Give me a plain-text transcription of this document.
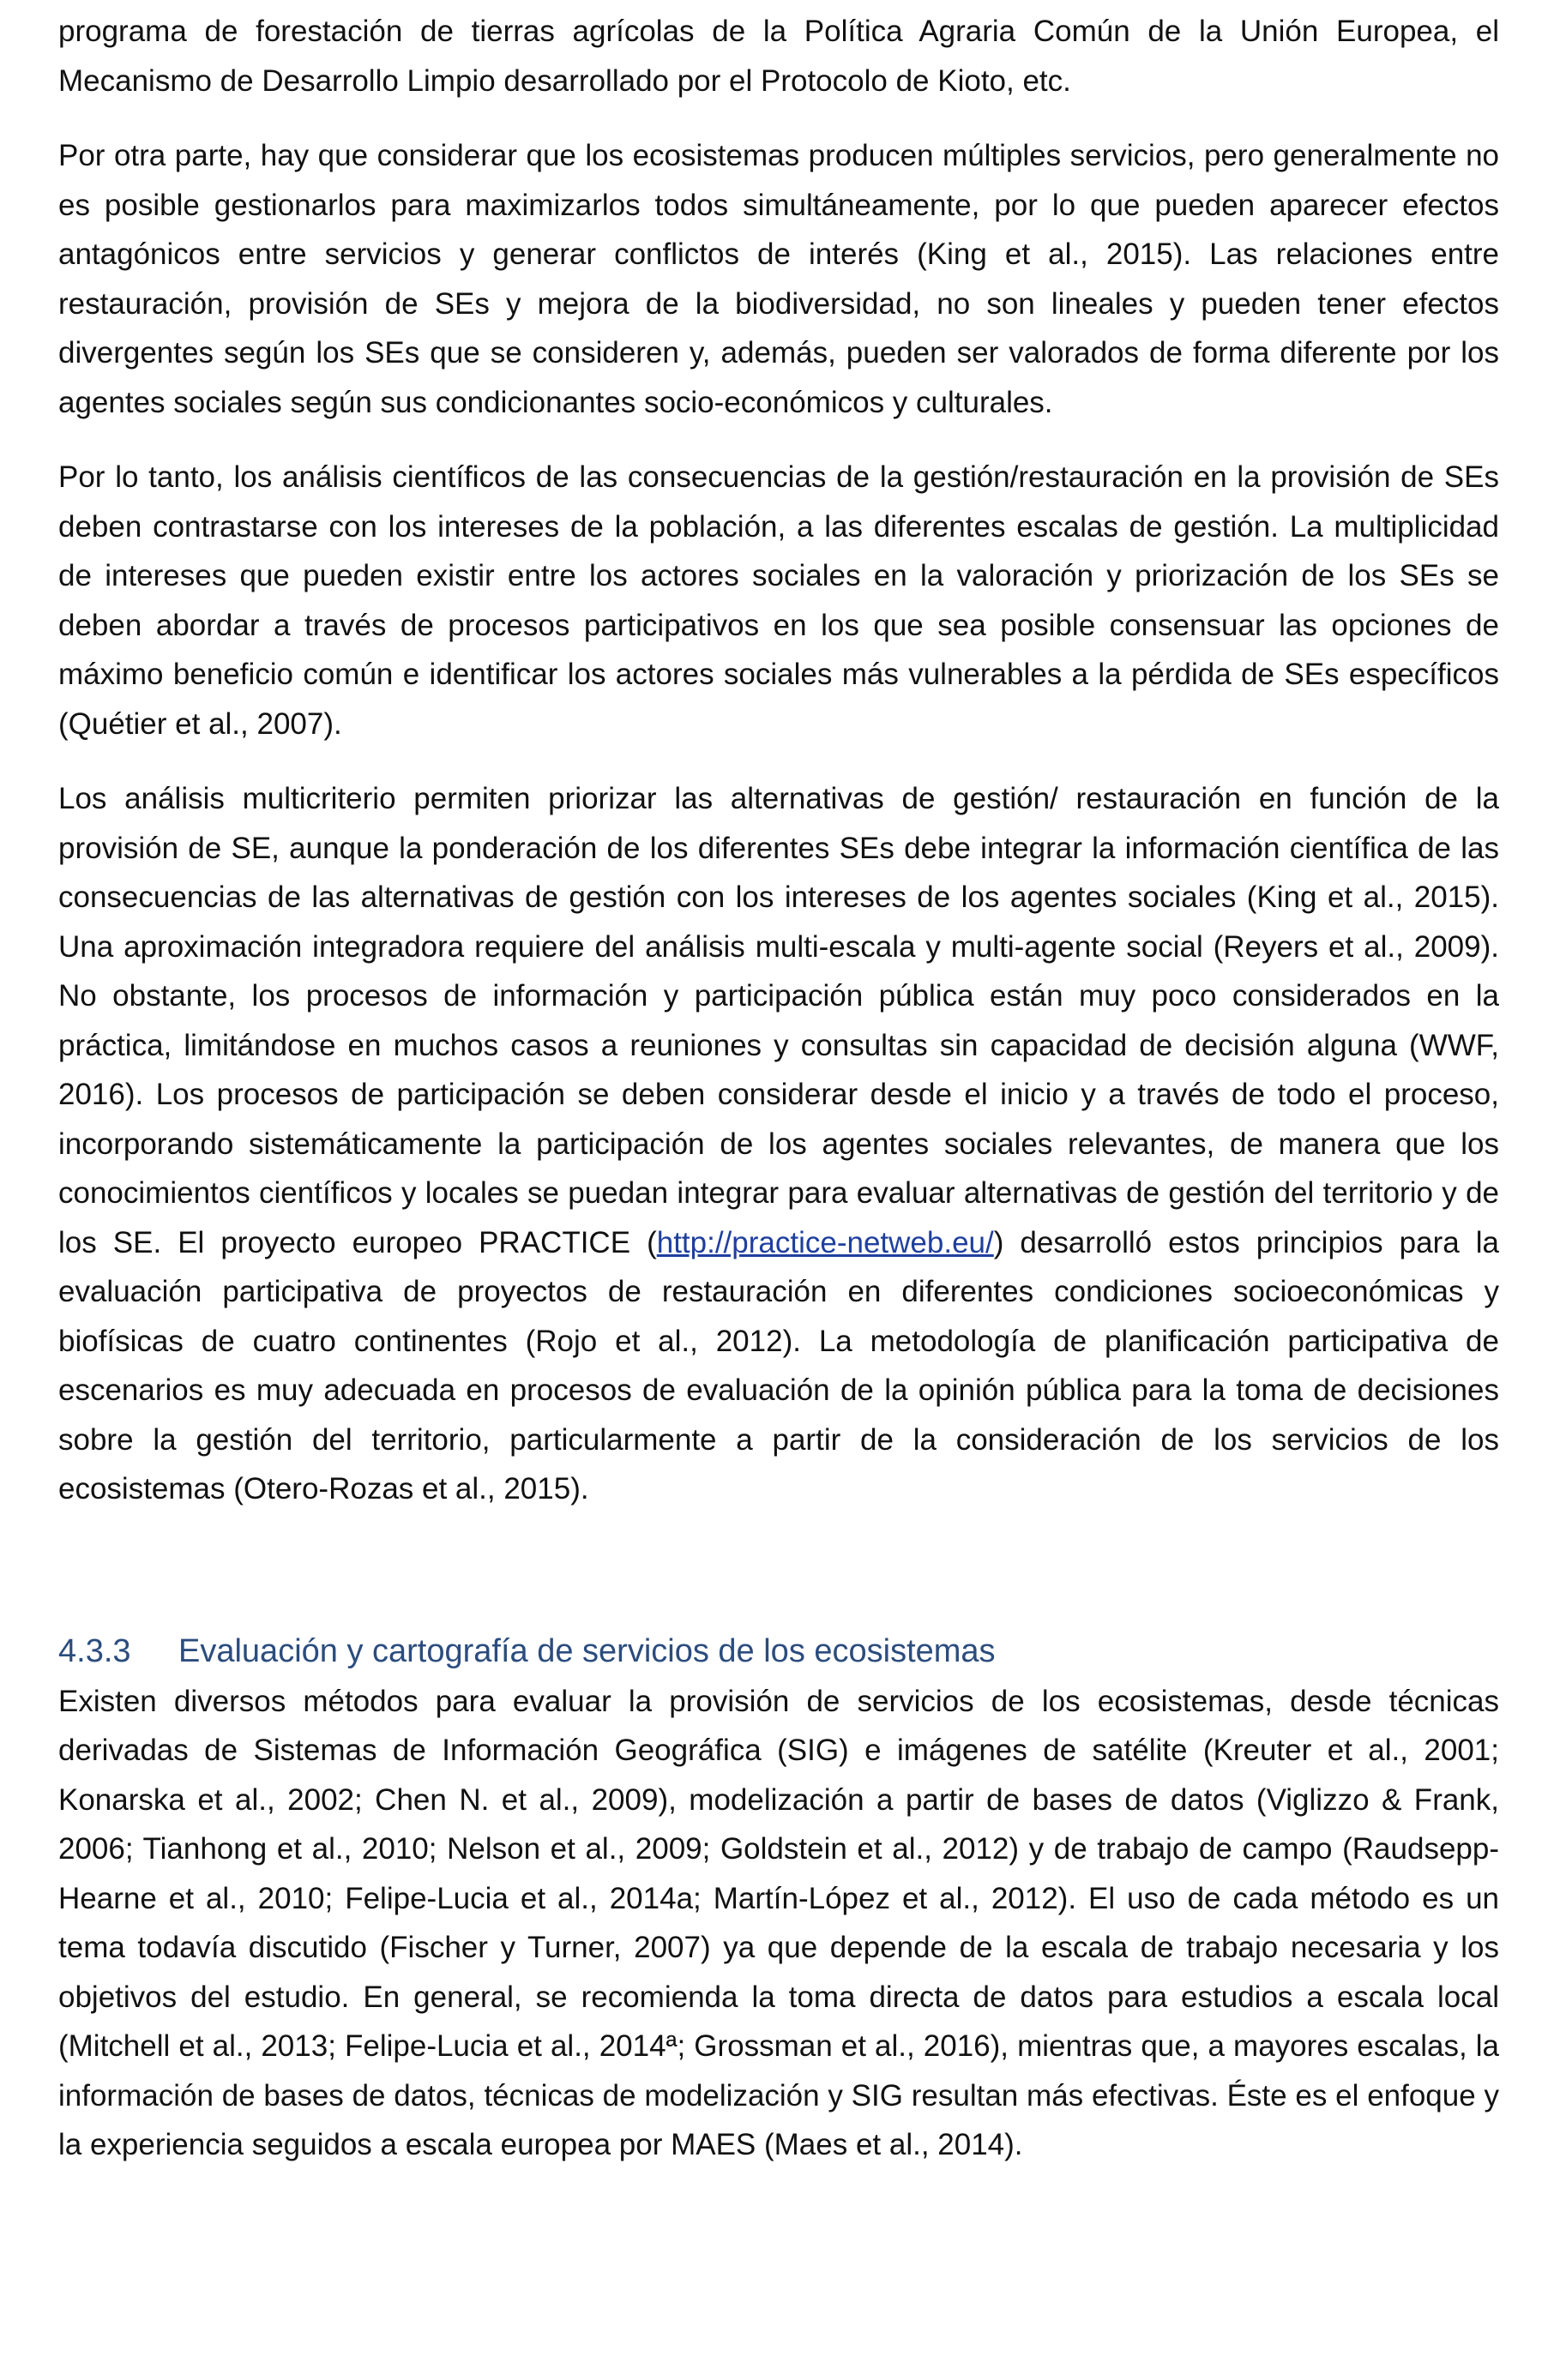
programa de forestación de tierras agrícolas de la Política Agraria Común de la Unión Europea, el Mecanismo de Desarrollo Limpio desarrollado por el Protocolo de Kioto, etc.

Por otra parte, hay que considerar que los ecosistemas producen múltiples servicios, pero generalmente no es posible gestionarlos para maximizarlos todos simultáneamente, por lo que pueden aparecer efectos antagónicos entre servicios y generar conflictos de interés (King et al., 2015). Las relaciones entre restauración, provisión de SEs y mejora de la biodiversidad, no son lineales y pueden tener efectos divergentes según los SEs que se consideren y, además, pueden ser valorados de forma diferente por los agentes sociales según sus condicionantes socio-económicos y culturales.

Por lo tanto, los análisis científicos de las consecuencias de la gestión/restauración en la provisión de SEs deben contrastarse con los intereses de la población, a las diferentes escalas de gestión. La multiplicidad de intereses que pueden existir entre los actores sociales en la valoración y priorización de los SEs se deben abordar a través de procesos participativos en los que sea posible consensuar las opciones de máximo beneficio común e identificar los actores sociales más vulnerables a la pérdida de SEs específicos (Quétier et al., 2007).

Los análisis multicriterio permiten priorizar las alternativas de gestión/ restauración en función de la provisión de SE, aunque la ponderación de los diferentes SEs debe integrar la información científica de las consecuencias de las alternativas de gestión con los intereses de los agentes sociales (King et al., 2015). Una aproximación integradora requiere del análisis multi-escala y multi-agente social (Reyers et al., 2009). No obstante, los procesos de información y participación pública están muy poco considerados en la práctica, limitándose en muchos casos a reuniones y consultas sin capacidad de decisión alguna (WWF, 2016). Los procesos de participación se deben considerar desde el inicio y a través de todo el proceso, incorporando sistemáticamente la participación de los agentes sociales relevantes, de manera que los conocimientos científicos y locales se puedan integrar para evaluar alternativas de gestión del territorio y de los SE. El proyecto europeo PRACTICE (http://practice-netweb.eu/) desarrolló estos principios para la evaluación participativa de proyectos de restauración en diferentes condiciones socioeconómicas y biofísicas de cuatro continentes (Rojo et al., 2012). La metodología de planificación participativa de escenarios es muy adecuada en procesos de evaluación de la opinión pública para la toma de decisiones sobre la gestión del territorio, particularmente a partir de la consideración de los servicios de los ecosistemas (Otero-Rozas et al., 2015).

4.3.3 Evaluación y cartografía de servicios de los ecosistemas

Existen diversos métodos para evaluar la provisión de servicios de los ecosistemas, desde técnicas derivadas de Sistemas de Información Geográfica (SIG) e imágenes de satélite (Kreuter et al., 2001; Konarska et al., 2002; Chen N. et al., 2009), modelización a partir de bases de datos (Viglizzo & Frank, 2006; Tianhong et al., 2010; Nelson et al., 2009; Goldstein et al., 2012) y de trabajo de campo (Raudsepp-Hearne et al., 2010; Felipe-Lucia et al., 2014a; Martín-López et al., 2012). El uso de cada método es un tema todavía discutido (Fischer y Turner, 2007) ya que depende de la escala de trabajo necesaria y los objetivos del estudio. En general, se recomienda la toma directa de datos para estudios a escala local (Mitchell et al., 2013; Felipe-Lucia et al., 2014ª; Grossman et al., 2016), mientras que, a mayores escalas, la información de bases de datos, técnicas de modelización y SIG resultan más efectivas. Éste es el enfoque y la experiencia seguidos a escala europea por MAES (Maes et al., 2014).
